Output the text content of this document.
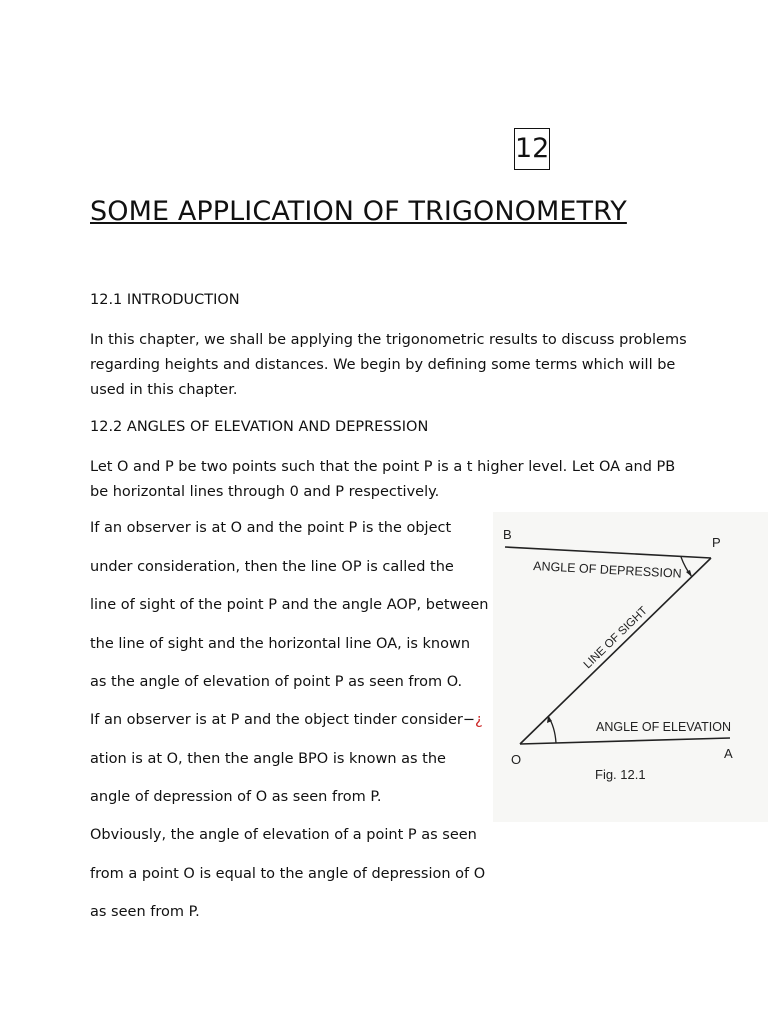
12
SOME APPLICATION OF TRIGONOMETRY

12.1 INTRODUCTION

In this chapter, we shall be applying the trigonometric results to discuss problems regarding heights and distances. We begin by defining some terms which will be used in this chapter.

12.2 ANGLES OF ELEVATION AND DEPRESSION

Let O and P be two points such that the point P is a t higher level. Let OA and PB be horizontal lines through 0 and P respectively.

If an observer is at O and the point P is the object

under consideration, then the line OP is called the

line of sight of the point P and the angle AOP, between

the line of sight and the horizontal line OA, is known

as the angle of elevation of point P as seen from O.

If an observer is at P and the object tinder consider−¿

ation is at O, then the angle BPO is known as the

angle of depression of O as seen from P.

Obviously, the angle of elevation of a point P as seen

from a point O is equal to the angle of depression of O

as seen from P.

B
P
O	A
ANGLE OF DEPRESSION
LINE OF SIGHT
ANGLE OF ELEVATION
Fig. 12.1
